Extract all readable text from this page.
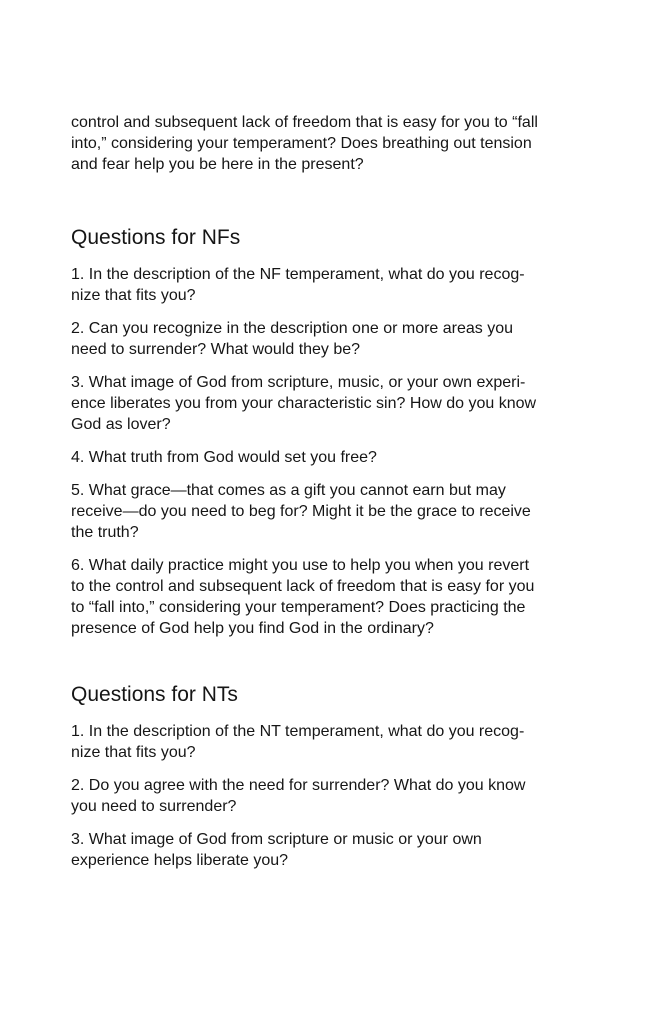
control and subsequent lack of freedom that is easy for you to “fall
into,” considering your temperament? Does breathing out tension
and fear help you be here in the present?

Questions for NFs

1. In the description of the NF temperament, what do you recog-
nize that fits you?

2. Can you recognize in the description one or more areas you
need to surrender? What would they be?

3. What image of God from scripture, music, or your own experi-
ence liberates you from your characteristic sin? How do you know
God as lover?

4. What truth from God would set you free?

5. What grace—that comes as a gift you cannot earn but may
receive—do you need to beg for? Might it be the grace to receive
the truth?

6. What daily practice might you use to help you when you revert
to the control and subsequent lack of freedom that is easy for you
to “fall into,” considering your temperament? Does practicing the
presence of God help you find God in the ordinary?

Questions for NTs

1. In the description of the NT temperament, what do you recog-
nize that fits you?

2. Do you agree with the need for surrender? What do you know
you need to surrender?

3. What image of God from scripture or music or your own
experience helps liberate you?
